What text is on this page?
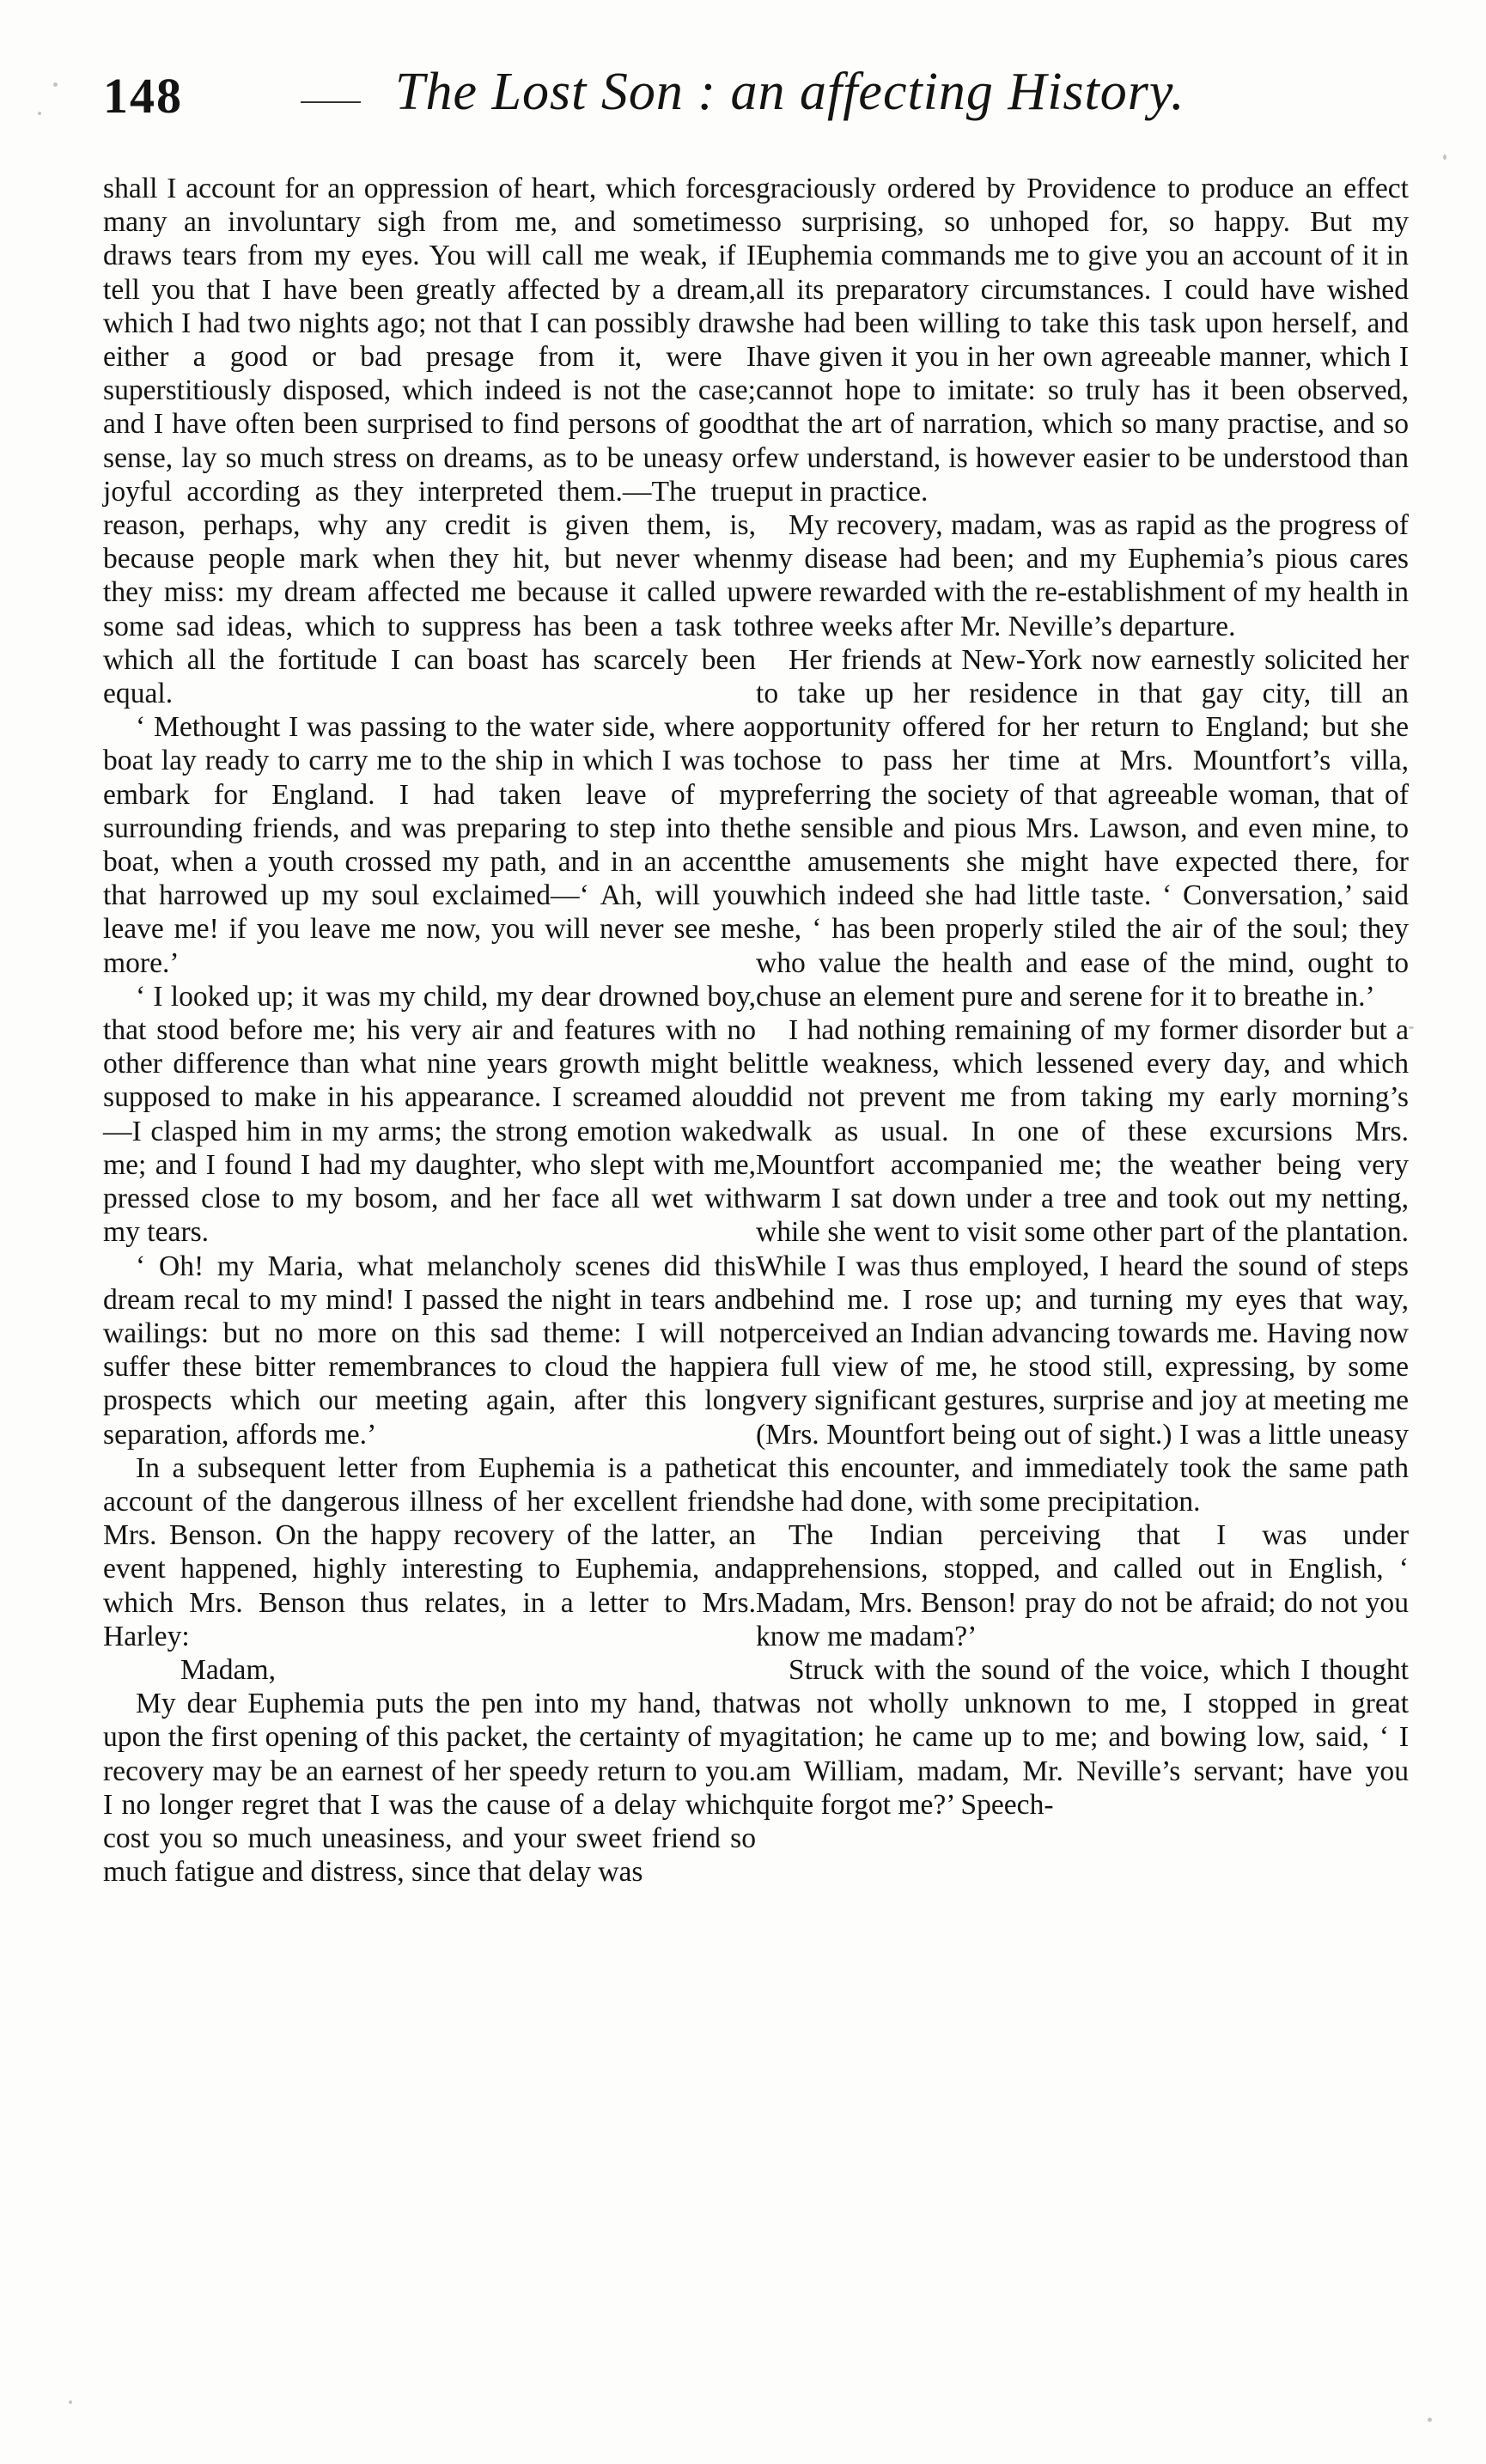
148	The Lost Son : an affecting History.

shall I account for an oppression of heart, which forces many an involuntary sigh from me, and sometimes draws tears from my eyes. You will call me weak, if I tell you that I have been greatly affected by a dream, which I had two nights ago; not that I can possibly draw either a good or bad presage from it, were I superstitiously disposed, which indeed is not the case; and I have often been surprised to find persons of good sense, lay so much stress on dreams, as to be uneasy or joyful according as they interpreted them.—The true reason, perhaps, why any credit is given them, is, because people mark when they hit, but never when they miss: my dream affected me because it called up some sad ideas, which to suppress has been a task to which all the fortitude I can boast has scarcely been equal.

‘ Methought I was passing to the water side, where a boat lay ready to carry me to the ship in which I was to embark for England. I had taken leave of my surrounding friends, and was preparing to step into the boat, when a youth crossed my path, and in an accent that harrowed up my soul exclaimed—‘ Ah, will you leave me! if you leave me now, you will never see me more.’

‘ I looked up; it was my child, my dear drowned boy, that stood before me; his very air and features with no other difference than what nine years growth might be supposed to make in his appearance. I screamed aloud—I clasped him in my arms; the strong emotion waked me; and I found I had my daughter, who slept with me, pressed close to my bosom, and her face all wet with my tears.

‘ Oh! my Maria, what melancholy scenes did this dream recal to my mind! I passed the night in tears and wailings: but no more on this sad theme: I will not suffer these bitter remembrances to cloud the happier prospects which our meeting again, after this long separation, affords me.’

In a subsequent letter from Euphemia is a pathetic account of the dangerous illness of her excellent friend Mrs. Benson. On the happy recovery of the latter, an event happened, highly interesting to Euphemia, and which Mrs. Benson thus relates, in a letter to Mrs. Harley:

Madam,

My dear Euphemia puts the pen into my hand, that upon the first opening of this packet, the certainty of my recovery may be an earnest of her speedy return to you. I no longer regret that I was the cause of a delay which cost you so much uneasiness, and your sweet friend so much fatigue and distress, since that delay was

graciously ordered by Providence to produce an effect so surprising, so unhoped for, so happy. But my Euphemia commands me to give you an account of it in all its preparatory circumstances. I could have wished she had been willing to take this task upon herself, and have given it you in her own agreeable manner, which I cannot hope to imitate: so truly has it been observed, that the art of narration, which so many practise, and so few understand, is however easier to be understood than put in practice.

My recovery, madam, was as rapid as the progress of my disease had been; and my Euphemia’s pious cares were rewarded with the re-establishment of my health in three weeks after Mr. Neville’s departure.

Her friends at New-York now earnestly solicited her to take up her residence in that gay city, till an opportunity offered for her return to England; but she chose to pass her time at Mrs. Mountfort’s villa, preferring the society of that agreeable woman, that of the sensible and pious Mrs. Lawson, and even mine, to the amusements she might have expected there, for which indeed she had little taste. ‘ Conversation,’ said she, ‘ has been properly stiled the air of the soul; they who value the health and ease of the mind, ought to chuse an element pure and serene for it to breathe in.’

I had nothing remaining of my former disorder but a little weakness, which lessened every day, and which did not prevent me from taking my early morning’s walk as usual. In one of these excursions Mrs. Mountfort accompanied me; the weather being very warm I sat down under a tree and took out my netting, while she went to visit some other part of the plantation. While I was thus employed, I heard the sound of steps behind me. I rose up; and turning my eyes that way, perceived an Indian advancing towards me. Having now a full view of me, he stood still, expressing, by some very significant gestures, surprise and joy at meeting me (Mrs. Mountfort being out of sight.) I was a little uneasy at this encounter, and immediately took the same path she had done, with some precipitation.

The Indian perceiving that I was under apprehensions, stopped, and called out in English, ‘ Madam, Mrs. Benson! pray do not be afraid; do not you know me madam?’

Struck with the sound of the voice, which I thought was not wholly unknown to me, I stopped in great agitation; he came up to me; and bowing low, said, ‘ I am William, madam, Mr. Neville’s servant; have you quite forgot me?’ Speech-
